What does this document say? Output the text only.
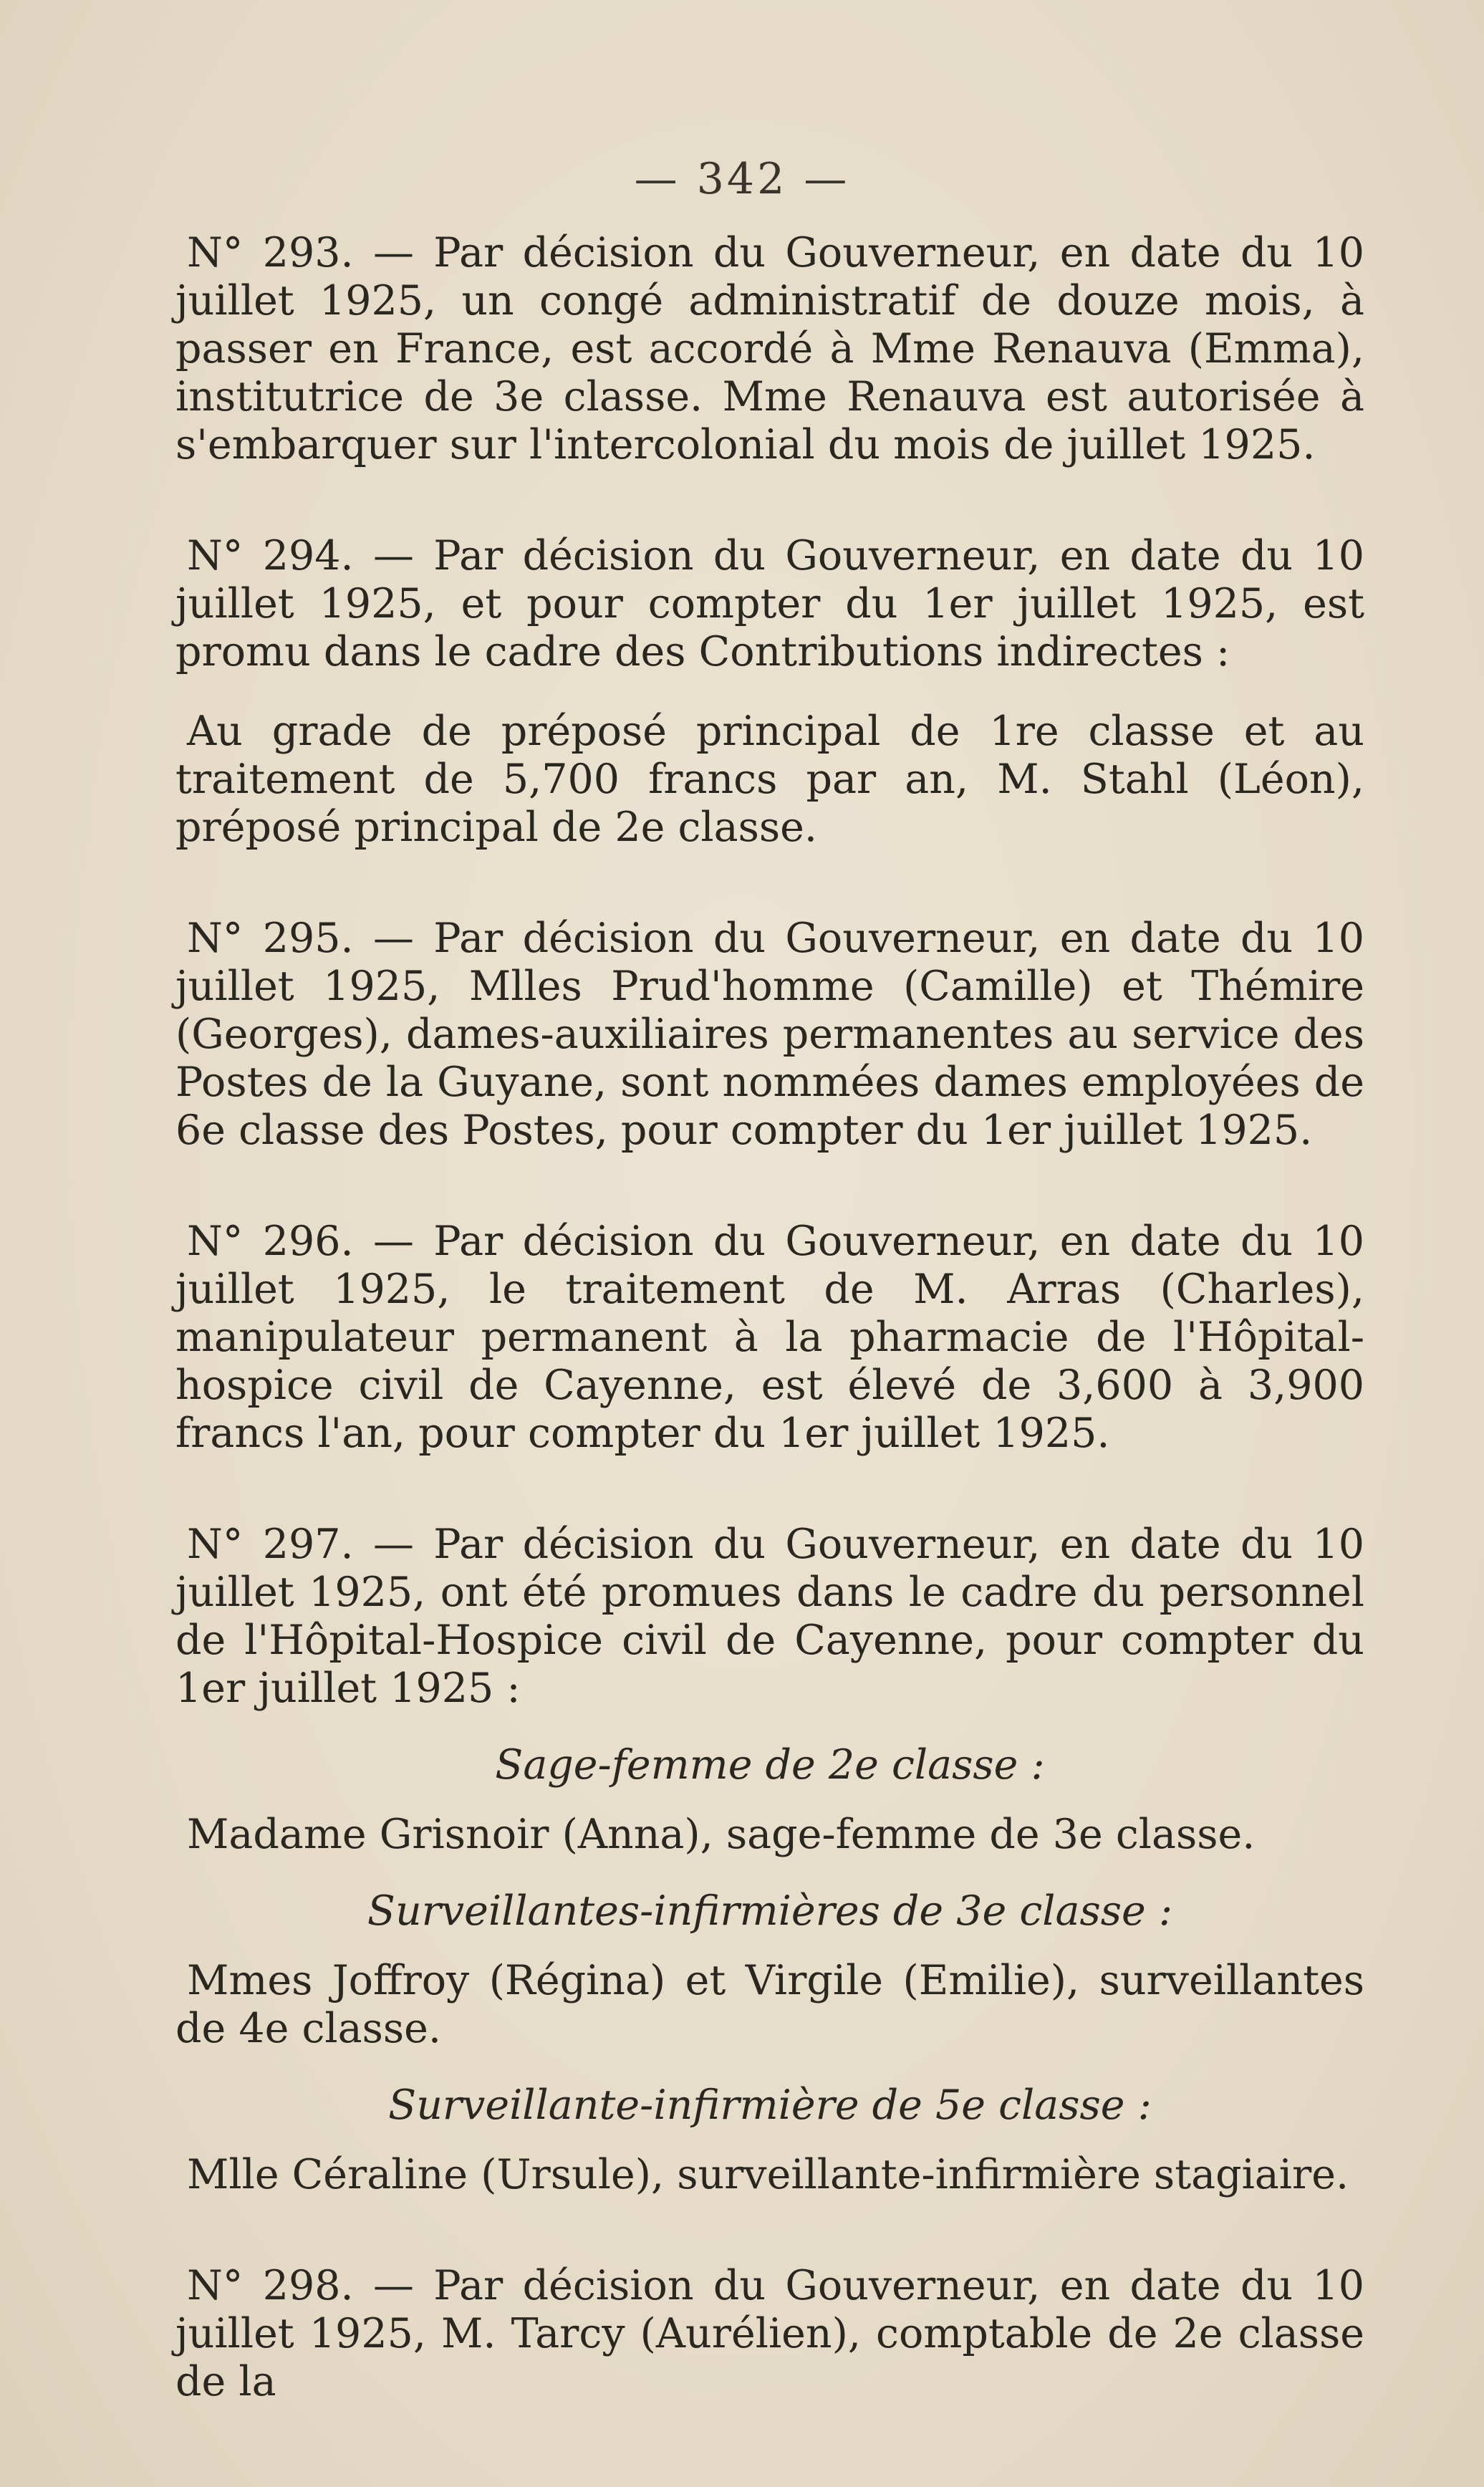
— 342 —

N° 293. — Par décision du Gouverneur, en date du 10 juillet 1925, un congé administratif de douze mois, à passer en France, est accordé à Mme Renauva (Emma), institutrice de 3e classe. Mme Renauva est autorisée à s'embarquer sur l'intercolonial du mois de juillet 1925.

N° 294. — Par décision du Gouverneur, en date du 10 juillet 1925, et pour compter du 1er juillet 1925, est promu dans le cadre des Contributions indirectes :

Au grade de préposé principal de 1re classe et au traitement de 5,700 francs par an, M. Stahl (Léon), préposé principal de 2e classe.

N° 295. — Par décision du Gouverneur, en date du 10 juillet 1925, Mlles Prud'homme (Camille) et Thémire (Georges), dames-auxiliaires permanentes au service des Postes de la Guyane, sont nommées dames employées de 6e classe des Postes, pour compter du 1er juillet 1925.

N° 296. — Par décision du Gouverneur, en date du 10 juillet 1925, le traitement de M. Arras (Charles), manipulateur permanent à la pharmacie de l'Hôpital-hospice civil de Cayenne, est élevé de 3,600 à 3,900 francs l'an, pour compter du 1er juillet 1925.

N° 297. — Par décision du Gouverneur, en date du 10 juillet 1925, ont été promues dans le cadre du personnel de l'Hôpital-Hospice civil de Cayenne, pour compter du 1er juillet 1925 :

Sage-femme de 2e classe :

Madame Grisnoir (Anna), sage-femme de 3e classe.

Surveillantes-infirmières de 3e classe :

Mmes Joffroy (Régina) et Virgile (Emilie), surveillantes de 4e classe.

Surveillante-infirmière de 5e classe :

Mlle Céraline (Ursule), surveillante-infirmière stagiaire.

N° 298. — Par décision du Gouverneur, en date du 10 juillet 1925, M. Tarcy (Aurélien), comptable de 2e classe de la
